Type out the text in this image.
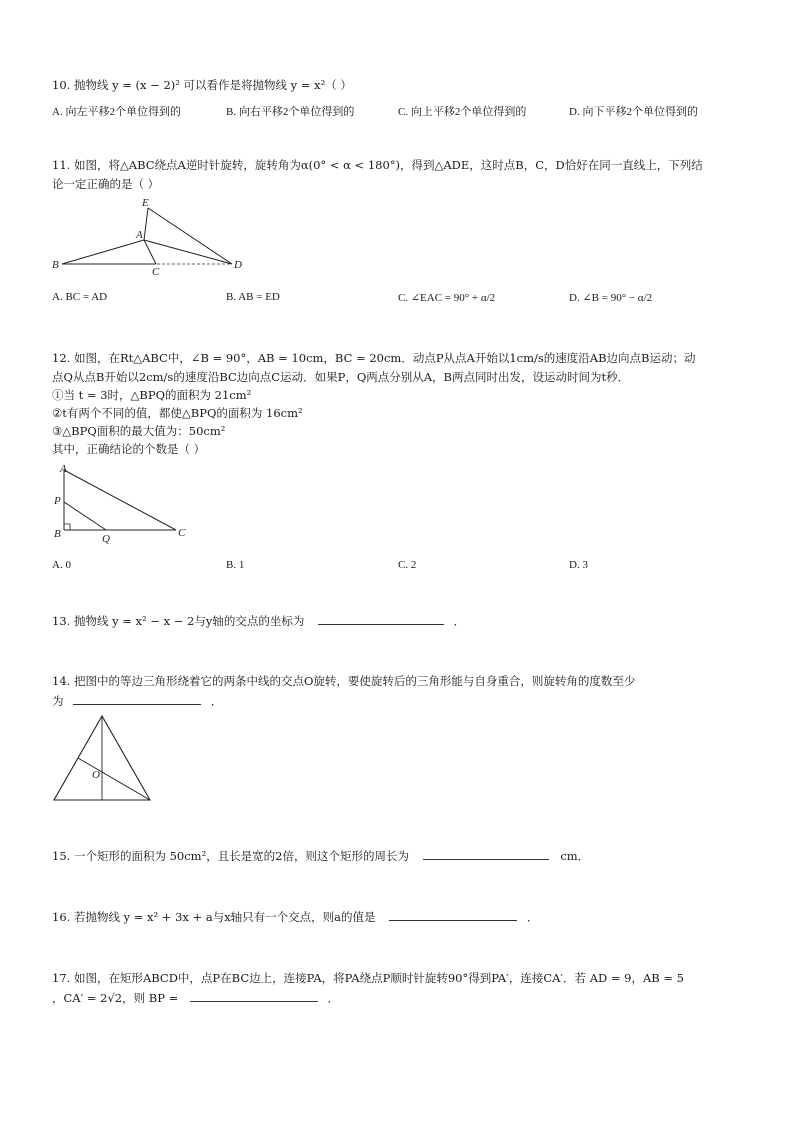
10. 抛物线 y = (x − 2)² 可以看作是将抛物线 y = x²（ ）
A. 向左平移2个单位得到的	B. 向右平移2个单位得到的	C. 向上平移2个单位得到的	D. 向下平移2个单位得到的
11. 如图，将△ABC绕点A逆时针旋转，旋转角为α(0° < α < 180°)，得到△ADE，这时点B，C，D恰好在同一直线上，下列结
论一定正确的是（ ）
E
A
B
C
D
A. BC = AD	B. AB = ED	C. ∠EAC = 90° + α/2	D. ∠B = 90° − α/2
12. 如图，在Rt△ABC中，∠B = 90°，AB = 10cm，BC = 20cm．动点P从点A开始以1cm/s的速度沿AB边向点B运动；动
点Q从点B开始以2cm/s的速度沿BC边向点C运动．如果P，Q两点分别从A，B两点同时出发，设运动时间为t秒．
①当 t = 3时，△BPQ的面积为 21cm²
②t有两个不同的值，都使△BPQ的面积为 16cm²
③△BPQ面积的最大值为：50cm²
其中，正确结论的个数是（ ）
A
P
B	Q	C
A. 0	B. 1	C. 2	D. 3
13. 抛物线 y = x² − x − 2与y轴的交点的坐标为	．
14. 把图中的等边三角形绕着它的两条中线的交点O旋转，要使旋转后的三角形能与自身重合，则旋转角的度数至少
为	．
O
15. 一个矩形的面积为 50cm²，且长是宽的2倍，则这个矩形的周长为	cm．
16. 若抛物线 y = x² + 3x + a与x轴只有一个交点，则a的值是	．
17. 如图，在矩形ABCD中，点P在BC边上，连接PA，将PA绕点P顺时针旋转90°得到PA′，连接CA′．若 AD = 9，AB = 5
，CA′ = 2√2，则 BP =	．
